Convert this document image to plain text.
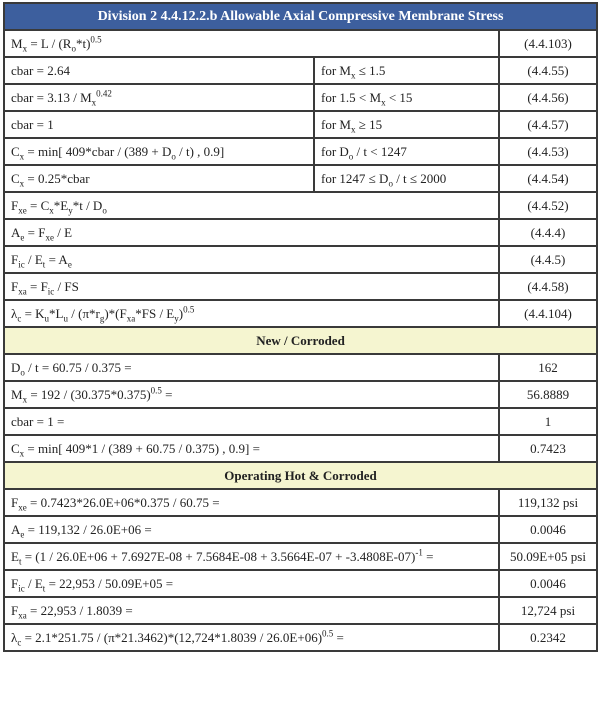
Division 2 4.4.12.2.b Allowable Axial Compressive Membrane Stress		
$M_x = L / (R_o*t)^{0.5}$		(4.4.103)
cbar = 2.64	for $M_x \le 1.5$	(4.4.55)
cbar = $3.13 / M_x^{0.42}$	for $1.5 < M_x < 15$	(4.4.56)
cbar = 1	for $M_x \ge 15$	(4.4.57)
$C_x = \min$[ 409*cbar / $(389 + D_o / t)$ , 0.9]	for $D_o / t < 1247$	(4.4.53)
$C_x$ = 0.25*cbar	for $1247 \le D_o / t \le 2000$	(4.4.54)
$F_{xe} = C_x*E_y*t / D_o$		(4.4.52)
$A_e = F_{xe} / E$		(4.4.4)
$F_{ic} / E_t = A_e$		(4.4.5)
$F_{xa} = F_{ic}$ / FS		(4.4.58)
$\lambda_c = K_u*L_u / (\pi*r_g)*(F_{xa}*FS / E_y)^{0.5}$		(4.4.104)
New / Corroded		
$D_o / t = 60.75 / 0.375$ =		162
$M_x = 192 / (30.375*0.375)^{0.5}$ =		56.8889
cbar = 1 =		1
$C_x = \min$[ 409*1 / (389 + 60.75 / 0.375) , 0.9] =		0.7423
Operating Hot & Corroded		
$F_{xe} = 0.7423*26.0E+06*0.375 / 60.75$ =		119,132 psi
$A_e = 119,132 / 26.0E+06$ =		0.0046
$E_t = (1 / 26.0E+06 + 7.6927E-08 + 7.5684E-08 + 3.5664E-07 + -3.4808E-07)^{-1}$ =		50.09E+05 psi
$F_{ic} / E_t = 22,953 / 50.09E+05$ =		0.0046
$F_{xa} = 22,953 / 1.8039$ =		12,724 psi
$\lambda_c = 2.1*251.75 / (\pi*21.3462)*(12,724*1.8039 / 26.0E+06)^{0.5}$ =		0.2342
